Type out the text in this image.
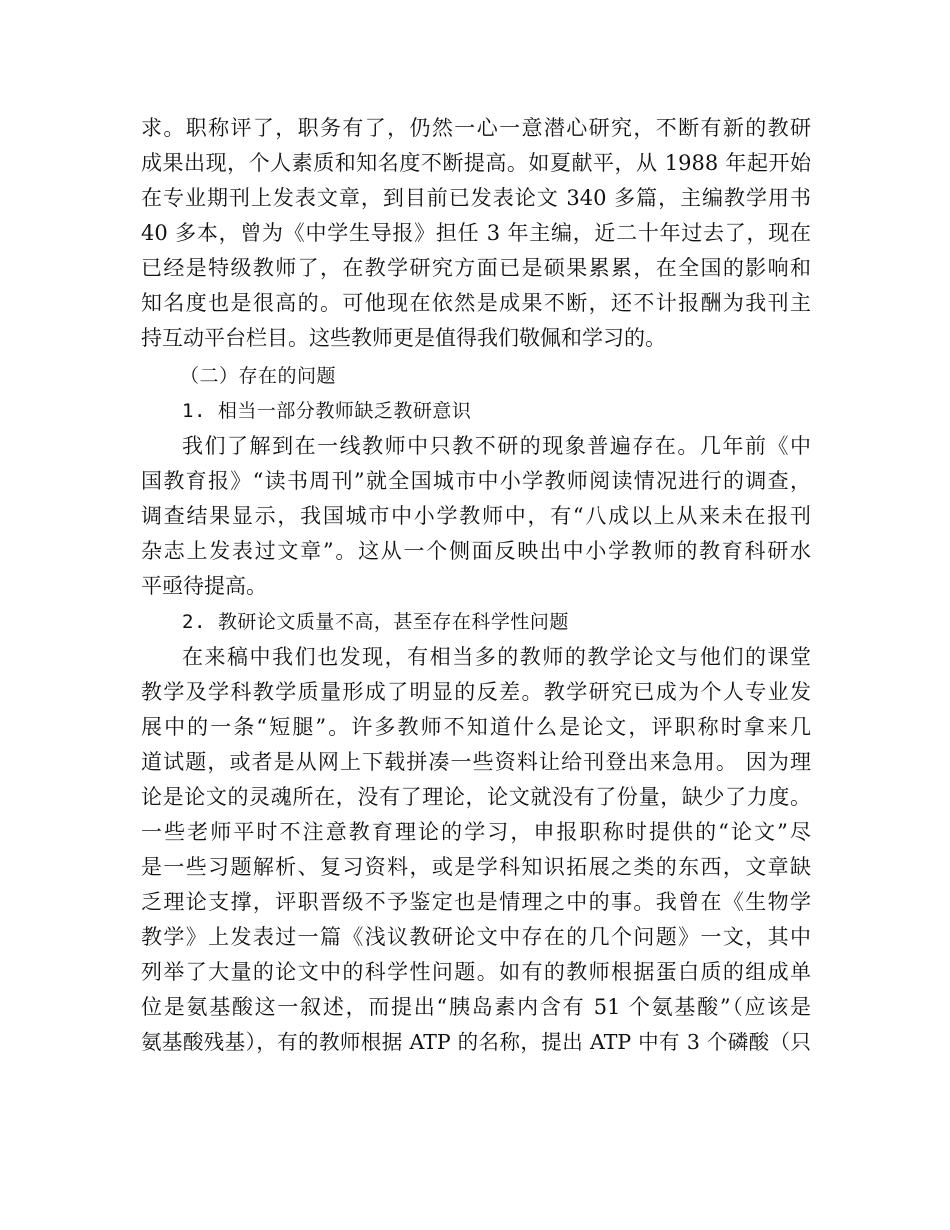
求。职称评了，职务有了，仍然一心一意潜心研究，不断有新的教研
成果出现，个人素质和知名度不断提高。如夏献平，从 1988 年起开始
在专业期刊上发表文章，到目前已发表论文 340 多篇，主编教学用书
40 多本，曾为《中学生导报》担任 3 年主编，近二十年过去了，现在
已经是特级教师了，在教学研究方面已是硕果累累，在全国的影响和
知名度也是很高的。可他现在依然是成果不断，还不计报酬为我刊主
持互动平台栏目。这些教师更是值得我们敬佩和学习的。
（二）存在的问题
1. 相当一部分教师缺乏教研意识
我们了解到在一线教师中只教不研的现象普遍存在。几年前《中
国教育报》“读书周刊”就全国城市中小学教师阅读情况进行的调查，
调查结果显示，我国城市中小学教师中，有“八成以上从来未在报刊
杂志上发表过文章”。这从一个侧面反映出中小学教师的教育科研水
平亟待提高。
2. 教研论文质量不高，甚至存在科学性问题
在来稿中我们也发现，有相当多的教师的教学论文与他们的课堂
教学及学科教学质量形成了明显的反差。教学研究已成为个人专业发
展中的一条“短腿”。许多教师不知道什么是论文，评职称时拿来几
道试题，或者是从网上下载拼凑一些资料让给刊登出来急用。 因为理
论是论文的灵魂所在，没有了理论，论文就没有了份量，缺少了力度。
一些老师平时不注意教育理论的学习，申报职称时提供的“论文”尽
是一些习题解析、复习资料，或是学科知识拓展之类的东西，文章缺
乏理论支撑，评职晋级不予鉴定也是情理之中的事。我曾在《生物学
教学》上发表过一篇《浅议教研论文中存在的几个问题》一文，其中
列举了大量的论文中的科学性问题。如有的教师根据蛋白质的组成单
位是氨基酸这一叙述，而提出“胰岛素内含有 51 个氨基酸”（应该是
氨基酸残基），有的教师根据 ATP 的名称，提出 ATP 中有 3 个磷酸（只
